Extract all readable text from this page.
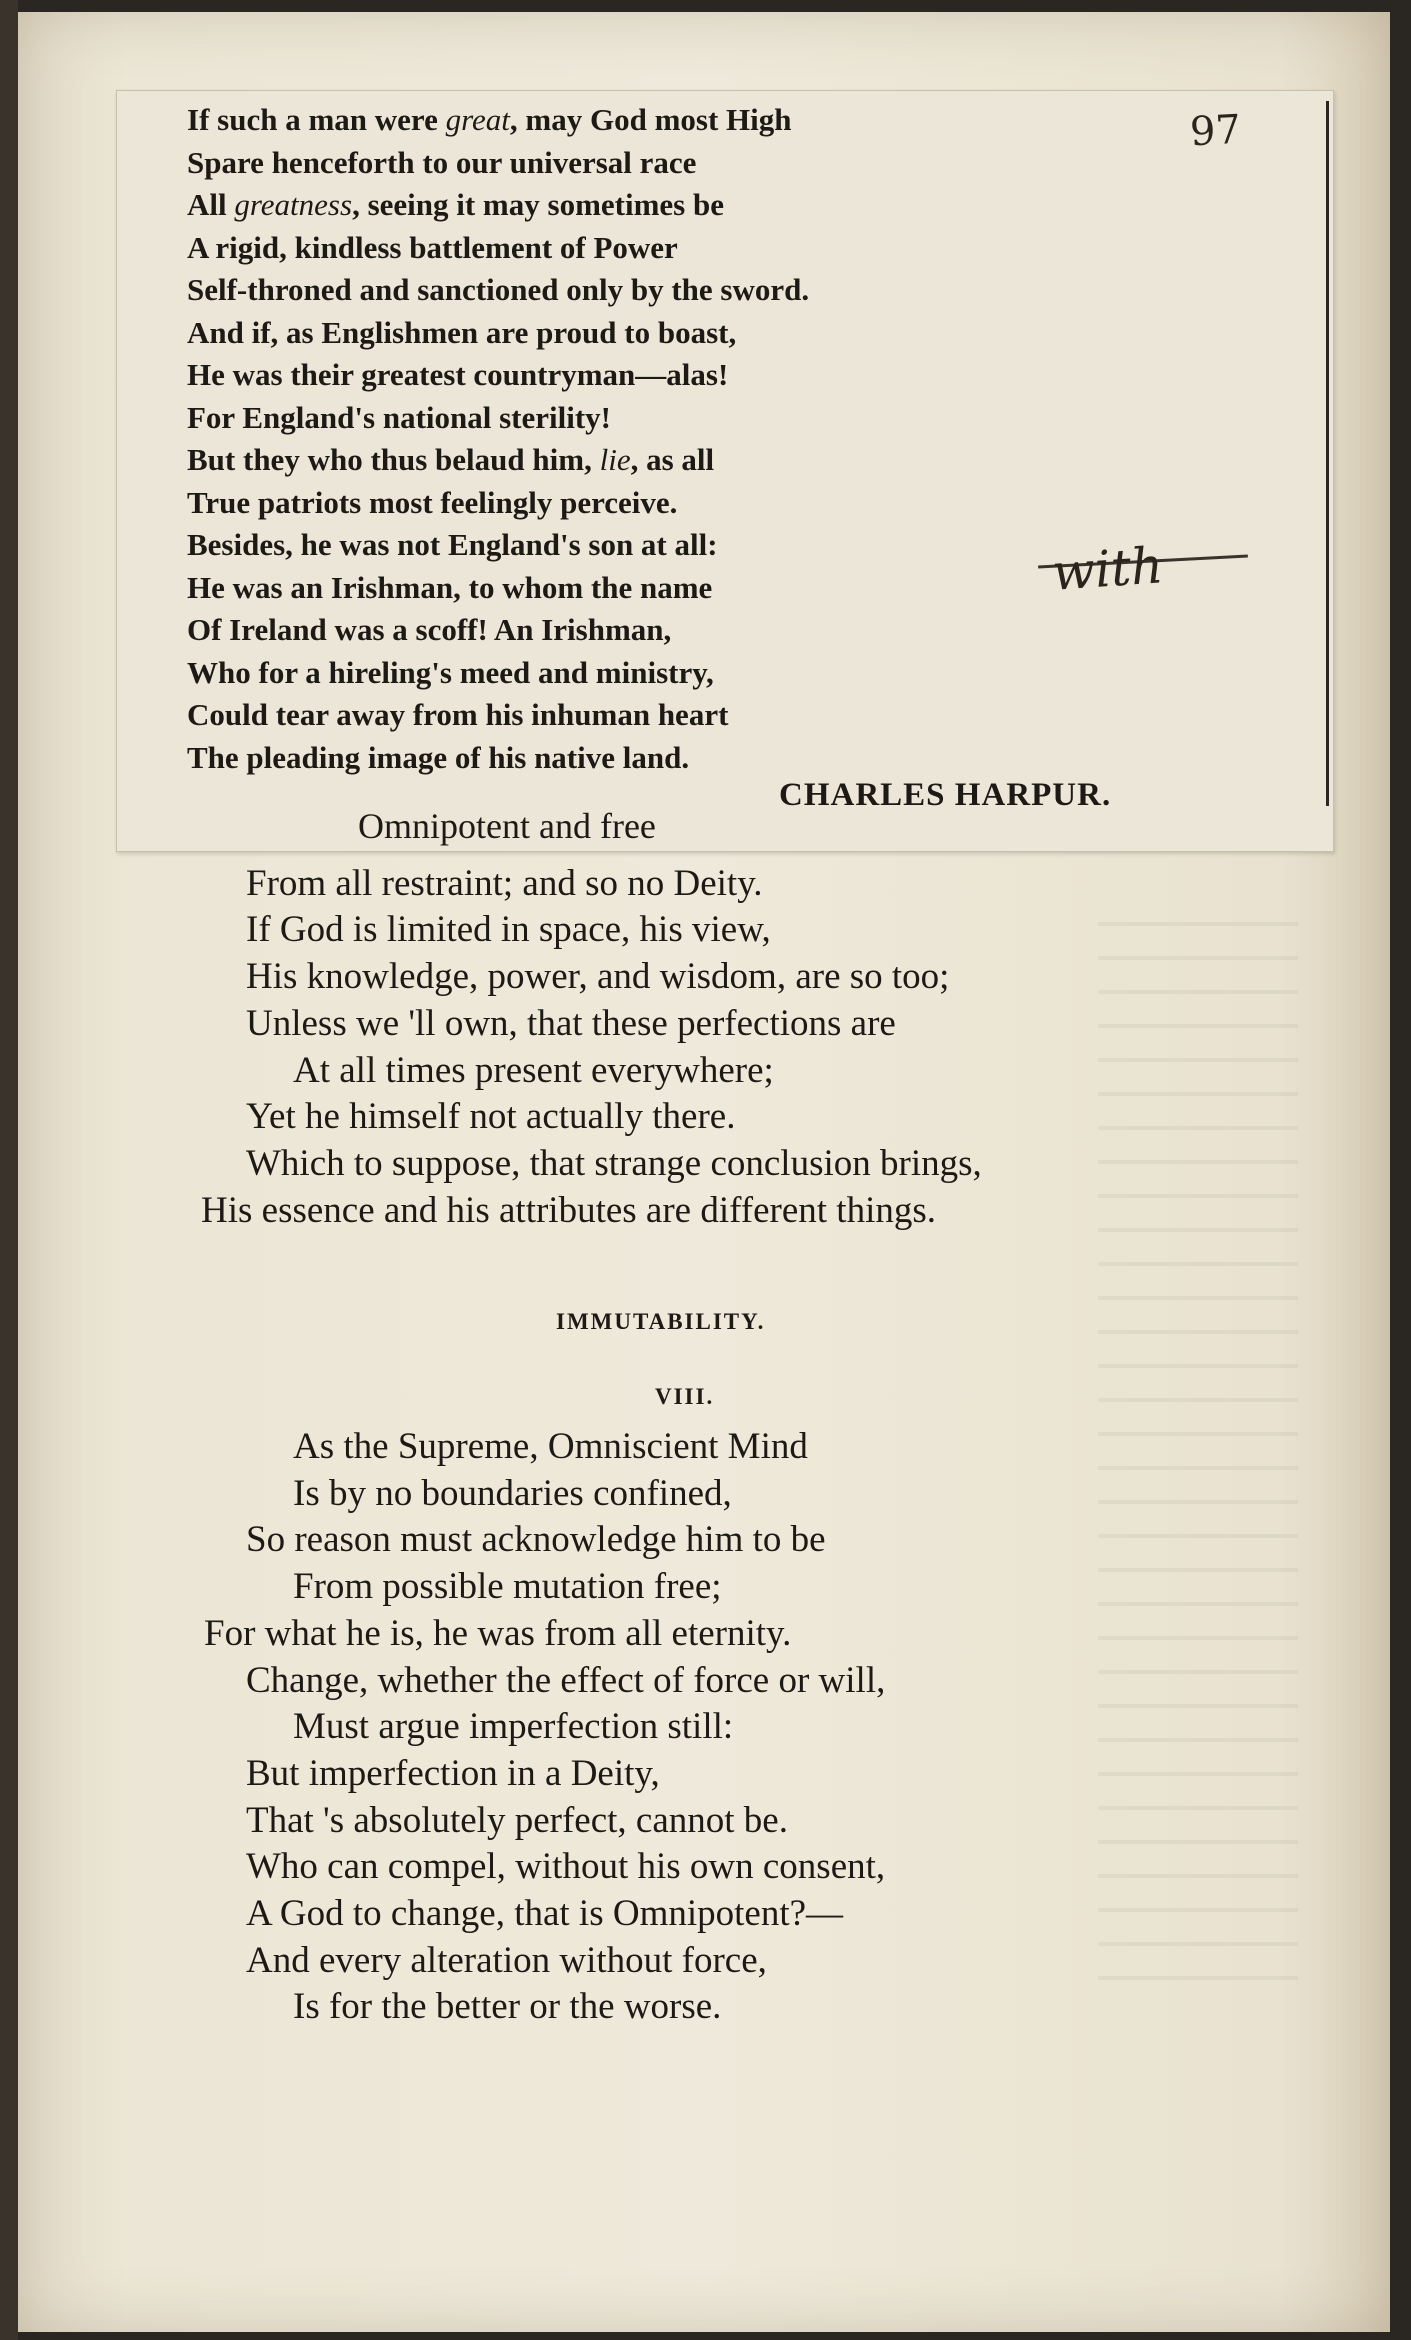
If such a man were great, may God most High
Spare henceforth to our universal race
All greatness, seeing it may sometimes be
A rigid, kindless battlement of Power
Self-throned and sanctioned only by the sword.
And if, as Englishmen are proud to boast,
He was their greatest countryman—alas!
For England's national sterility!
But they who thus belaud him, lie, as all
True patriots most feelingly perceive.
Besides, he was not England's son at all:
He was an Irishman, to whom the name
Of Ireland was a scoff! An Irishman,
Who for a hireling's meed and ministry,
Could tear away from his inhuman heart
The pleading image of his native land.
CHARLES HARPUR.
97
with
Omnipotent and free
From all restraint; and so no Deity.
If God is limited in space, his view,
His knowledge, power, and wisdom, are so too;
Unless we 'll own, that these perfections are
At all times present everywhere;
Yet he himself not actually there.
Which to suppose, that strange conclusion brings,
His essence and his attributes are different things.
IMMUTABILITY.
VIII.
As the Supreme, Omniscient Mind
Is by no boundaries confined,
So reason must acknowledge him to be
From possible mutation free;
For what he is, he was from all eternity.
Change, whether the effect of force or will,
Must argue imperfection still:
But imperfection in a Deity,
That 's absolutely perfect, cannot be.
Who can compel, without his own consent,
A God to change, that is Omnipotent?—
And every alteration without force,
Is for the better or the worse.
